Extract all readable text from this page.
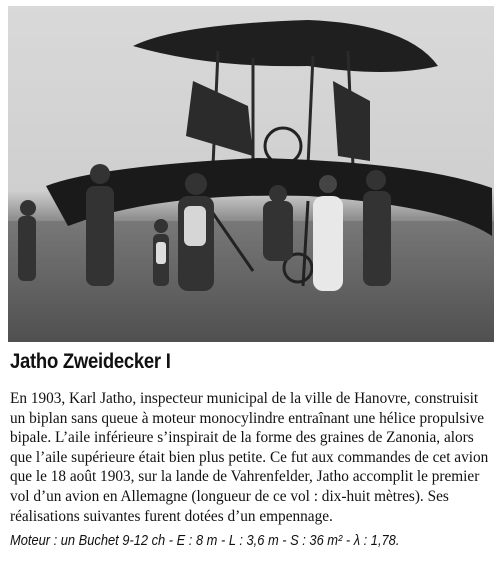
Jatho Zweidecker I

En 1903, Karl Jatho, inspecteur municipal de la ville de Hanovre, construisit
un biplan sans queue à moteur monocylindre entraînant une hélice propulsive
bipale. L’aile inférieure s’inspirait de la forme des graines de Zanonia, alors
que l’aile supérieure était bien plus petite. Ce fut aux commandes de cet avion
que le 18 août 1903, sur la lande de Vahrenfelder, Jatho accomplit le premier
vol d’un avion en Allemagne (longueur de ce vol : dix-huit mètres). Ses
réalisations suivantes furent dotées d’un empennage.

Moteur : un Buchet 9-12 ch - E : 8 m - L : 3,6 m - S : 36 m² - λ : 1,78.
